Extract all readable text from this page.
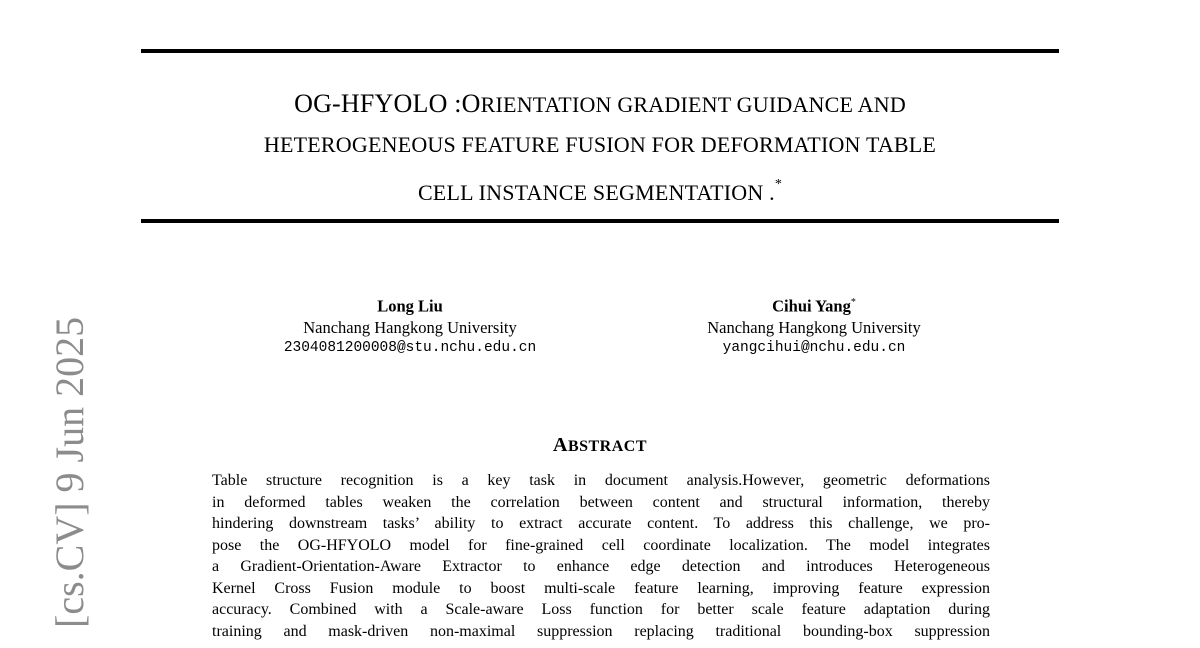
OG-HFYOLO :ORIENTATION GRADIENT GUIDANCE AND
HETEROGENEOUS FEATURE FUSION FOR DEFORMATION TABLE
CELL INSTANCE SEGMENTATION .*
Long Liu
Nanchang Hangkong University
2304081200008@stu.nchu.edu.cn
Cihui Yang*
Nanchang Hangkong University
yangcihui@nchu.edu.cn
ABSTRACT
Table structure recognition is a key task in document analysis.However, geometric deformations
in deformed tables weaken the correlation between content and structural information, thereby
hindering downstream tasks’ ability to extract accurate content. To address this challenge, we pro-
pose the OG-HFYOLO model for fine-grained cell coordinate localization. The model integrates
a Gradient-Orientation-Aware Extractor to enhance edge detection and introduces Heterogeneous
Kernel Cross Fusion module to boost multi-scale feature learning, improving feature expression
accuracy. Combined with a Scale-aware Loss function for better scale feature adaptation during
training and mask-driven non-maximal suppression replacing traditional bounding-box suppression
[cs.CV] 9 Jun 2025
